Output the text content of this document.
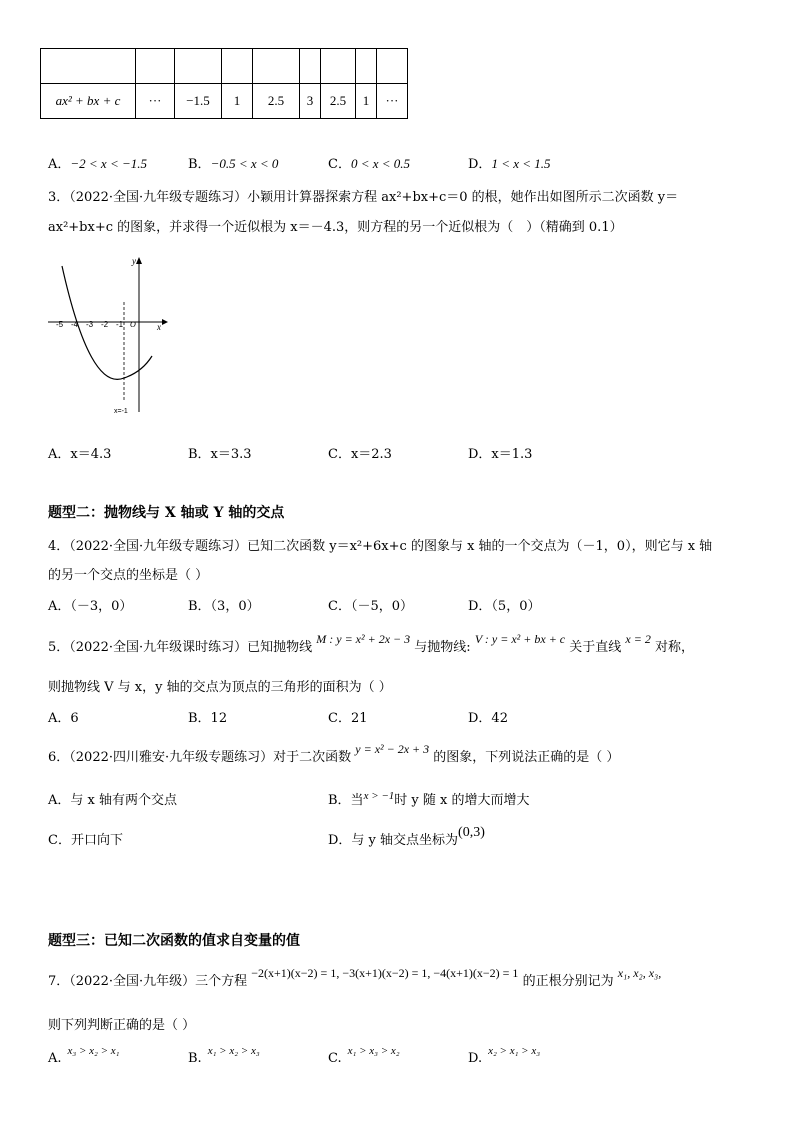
ax² + bx + c	···	−1.5	1	2.5	3	2.5	1	···
A．−2 < x < −1.5	B．−0.5 < x < 0	C．0 < x < 0.5	D．1 < x < 1.5
3．（2022·全国·九年级专题练习）小颖用计算器探索方程 ax²+bx+c＝0 的根，她作出如图所示二次函数 y＝
ax²+bx+c 的图象，并求得一个近似根为 x＝－4.3，则方程的另一个近似根为（　）（精确到 0.1）
-5 -4 -3 -2 -1 O x
y
x=-1
A．x＝4.3	B．x＝3.3	C．x＝2.3	D．x＝1.3
题型二：抛物线与 X 轴或 Y 轴的交点
4．（2022·全国·九年级专题练习）已知二次函数 y＝x²+6x+c 的图象与 x 轴的一个交点为（－1，0），则它与 x 轴
的另一个交点的坐标是（ ）
A．（－3，0）	B．（3，0）	C．（－5，0）	D．（5，0）
5．（2022·全国·九年级课时练习）已知抛物线 M : y = x² + 2x − 3 与抛物线: V : y = x² + bx + c 关于直线 x = 2 对称，
则抛物线 V 与 x，y 轴的交点为顶点的三角形的面积为（ ）
A．6	B．12	C．21	D．42
6．（2022·四川雅安·九年级专题练习）对于二次函数 y = x² − 2x + 3 的图象，下列说法正确的是（ ）
A．与 x 轴有两个交点	B．当$^{x > -1}$时 y 随 x 的增大而增大
C．开口向下	D．与 y 轴交点坐标为(0,3)
题型三：已知二次函数的值求自变量的值
7．（2022·全国·九年级）三个方程 −2(x+1)(x−2) = 1, −3(x+1)(x−2) = 1, −4(x+1)(x−2) = 1 的正根分别记为 x₁, x₂, x₃,
则下列判断正确的是（ ）
A. $^{x_3 > x_2 > x_1}$	B. $^{x_1 > x_2 > x_3}$	C. $^{x_1 > x_3 > x_2}$	D. $^{x_2 > x_1 > x_3}$
